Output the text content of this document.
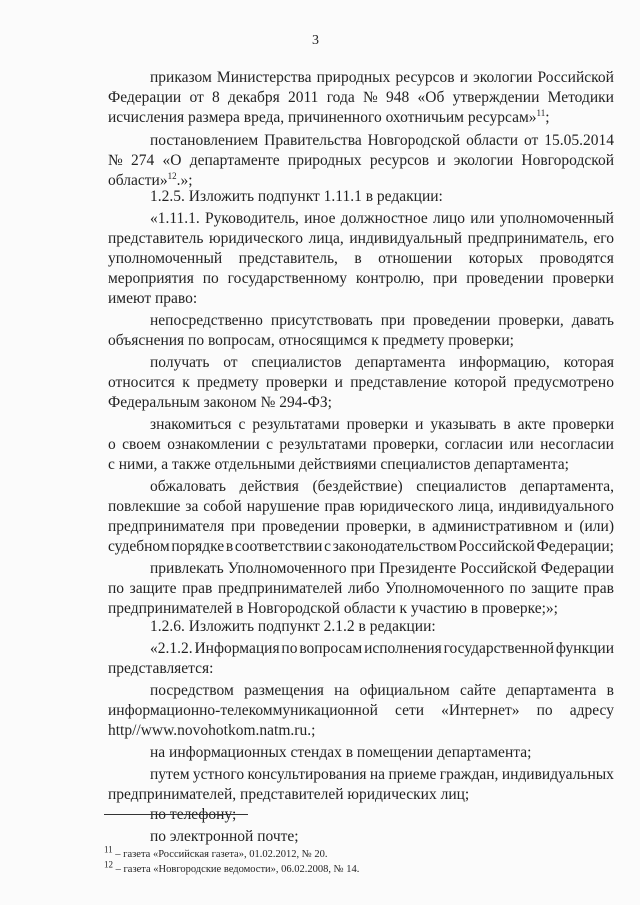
3
приказом Министерства природных ресурсов и экологии Российской
Федерации от 8 декабря 2011 года № 948 «Об утверждении Методики
исчисления размера вреда, причиненного охотничьим ресурсам»$^{11}$;
постановлением Правительства Новгородской области от 15.05.2014
№ 274 «О департаменте природных ресурсов и экологии Новгородской
области»$^{12}$.»;
1.2.5. Изложить подпункт 1.11.1 в редакции:
«1.11.1. Руководитель, иное должностное лицо или уполномоченный
представитель юридического лица, индивидуальный предприниматель, его
уполномоченный представитель, в отношении которых проводятся
мероприятия по государственному контролю, при проведении проверки
имеют право:
непосредственно присутствовать при проведении проверки, давать
объяснения по вопросам, относящимся к предмету проверки;
получать от специалистов департамента информацию, которая
относится к предмету проверки и представление которой предусмотрено
Федеральным законом № 294-ФЗ;
знакомиться с результатами проверки и указывать в акте проверки
о своем ознакомлении с результатами проверки, согласии или несогласии
с ними, а также отдельными действиями специалистов департамента;
обжаловать действия (бездействие) специалистов департамента,
повлекшие за собой нарушение прав юридического лица, индивидуального
предпринимателя при проведении проверки, в административном и (или)
судебном порядке в соответствии с законодательством Российской Федерации;
привлекать Уполномоченного при Президенте Российской Федерации
по защите прав предпринимателей либо Уполномоченного по защите прав
предпринимателей в Новгородской области к участию в проверке;»;
1.2.6. Изложить подпункт 2.1.2 в редакции:
«2.1.2. Информация по вопросам исполнения государственной функции
представляется:
посредством размещения на официальном сайте департамента в
информационно-телекоммуникационной сети «Интернет» по адресу
http//www.novohotkom.natm.ru.;
на информационных стендах в помещении департамента;
путем устного консультирования на приеме граждан, индивидуальных
предпринимателей, представителей юридических лиц;
по телефону;
по электронной почте;
$^{11}$ – газета «Российская газета», 01.02.2012, № 20.
$^{12}$ – газета «Новгородские ведомости», 06.02.2008, № 14.
